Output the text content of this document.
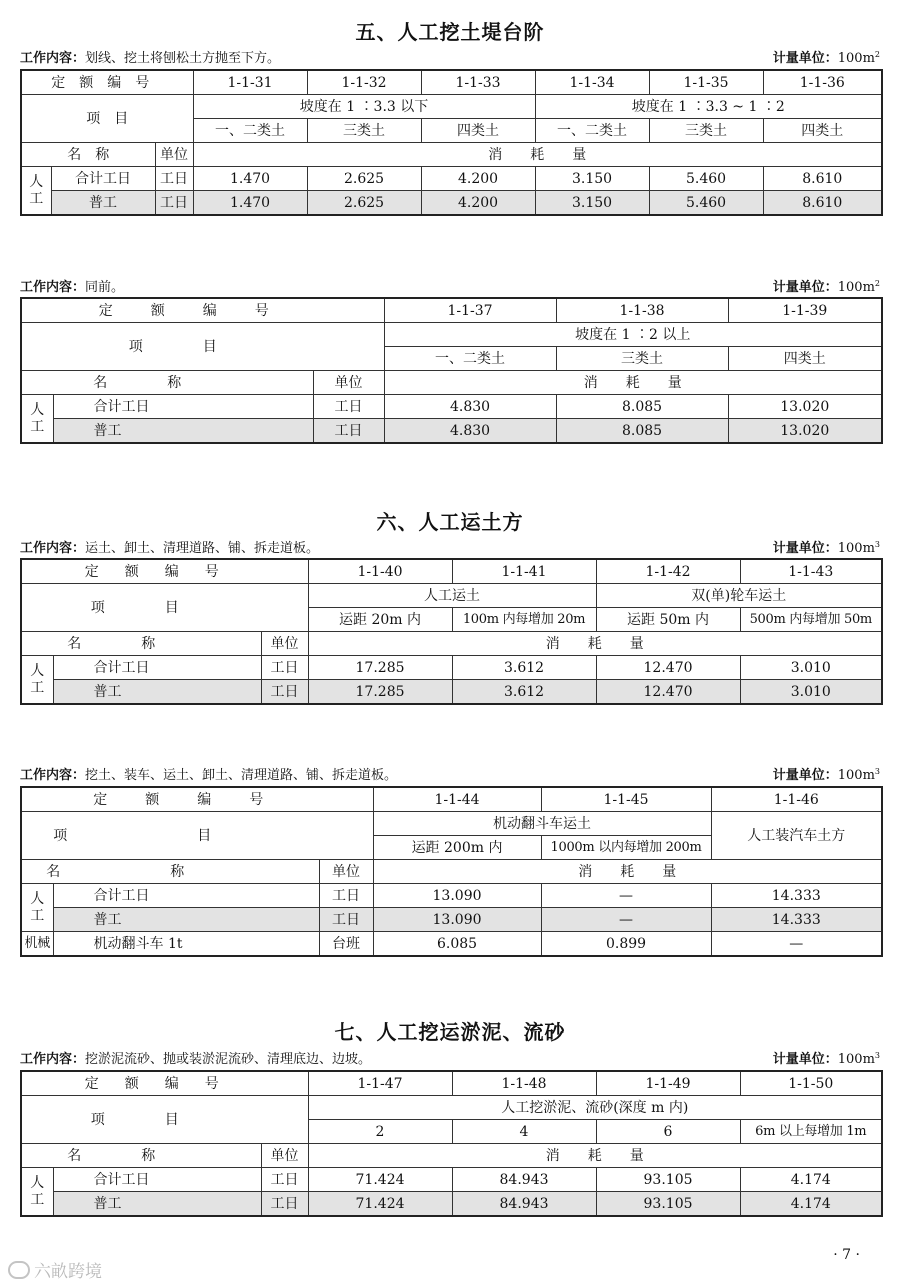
五、人工挖土堤台阶
工作内容：划线、挖土将刨松土方抛至下方。	计量单位：$100m^2$
定额编号			1-1-31	1-1-32	1-1-33	1-1-34	1-1-35	1-1-36
项　目			坡度在 1 ∶3.3 以下			坡度在 1 ∶3.3 ~ 1 ∶2		
			一、二类土	三类土	四类土	一、二类土	三类土	四类土
名　称		单位	消　　耗　　量					
人
工	合计工日	工日	1.470	2.625	4.200	3.150	5.460	8.610
	普工	工日	1.470	2.625	4.200	3.150	5.460	8.610
工作内容：同前。	计量单位：$100m^2$
定额编号			1-1-37	1-1-38	1-1-39
项目			坡度在 1 ∶2 以上		
			一、二类土	三类土	四类土
名称		单位	消　　耗　　量		
人
工	合计工日	工日	4.830	8.085	13.020
	普工	工日	4.830	8.085	13.020
六、人工运土方
工作内容：运土、卸土、清理道路、铺、拆走道板。	计量单位：$100m^3$
定额编号			1-1-40	1-1-41	1-1-42	1-1-43
项目			人工运土		双(单)轮车运土	
			运距 20m 内	100m 内每增加 20m	运距 50m 内	500m 内每增加 50m
名称		单位	消　　耗　　量			
人
工	合计工日	工日	17.285	3.612	12.470	3.010
	普工	工日	17.285	3.612	12.470	3.010
工作内容：挖土、装车、运土、卸土、清理道路、铺、拆走道板。	计量单位：$100m^3$
定额编号			1-1-44	1-1-45	1-1-46
项目			机动翻斗车运土		人工装汽车土方
			运距 200m 内	1000m 以内每增加 200m	
名称		单位	消　　耗　　量		
人
工	合计工日	工日	13.090	—	14.333
	普工	工日	13.090	—	14.333
机械	机动翻斗车 1t	台班	6.085	0.899	—
七、人工挖运淤泥、流砂
工作内容：挖淤泥流砂、抛或装淤泥流砂、清理底边、边坡。	计量单位：$100m^3$
定额编号			1-1-47	1-1-48	1-1-49	1-1-50
项目			人工挖淤泥、流砂(深度 m 内)			
			2	4	6	6m 以上每增加 1m
名称		单位	消　　耗　　量			
人
工	合计工日	工日	71.424	84.943	93.105	4.174
	普工	工日	71.424	84.943	93.105	4.174
· 7 ·
六畝跨境
